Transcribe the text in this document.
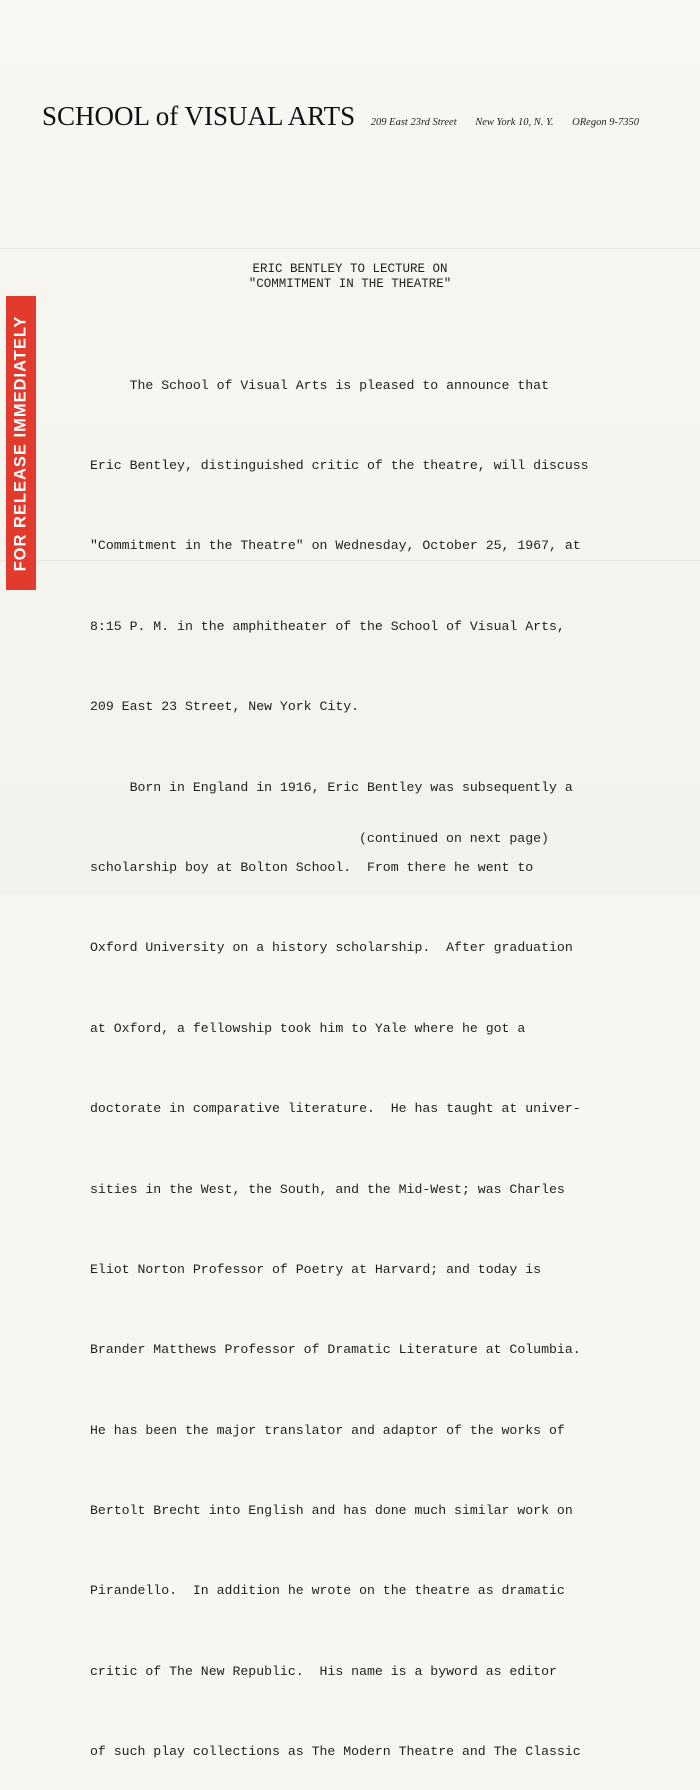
SCHOOL of VISUAL ARTS 209 East 23rd Street New York 10, N. Y. ORegon 9-7350
FOR RELEASE IMMEDIATELY
ERIC BENTLEY TO LECTURE ON
"COMMITMENT IN THE THEATRE"

The School of Visual Arts is pleased to announce that

Eric Bentley, distinguished critic of the theatre, will discuss

"Commitment in the Theatre" on Wednesday, October 25, 1967, at

8:15 P. M. in the amphitheater of the School of Visual Arts,

209 East 23 Street, New York City.

Born in England in 1916, Eric Bentley was subsequently a

scholarship boy at Bolton School.  From there he went to

Oxford University on a history scholarship.  After graduation

at Oxford, a fellowship took him to Yale where he got a

doctorate in comparative literature.  He has taught at univer-

sities in the West, the South, and the Mid-West; was Charles

Eliot Norton Professor of Poetry at Harvard; and today is

Brander Matthews Professor of Dramatic Literature at Columbia.

He has been the major translator and adaptor of the works of

Bertolt Brecht into English and has done much similar work on

Pirandello.  In addition he wrote on the theatre as dramatic

critic of The New Republic.  His name is a byword as editor

of such play collections as The Modern Theatre and The Classic

(continued on next page)
